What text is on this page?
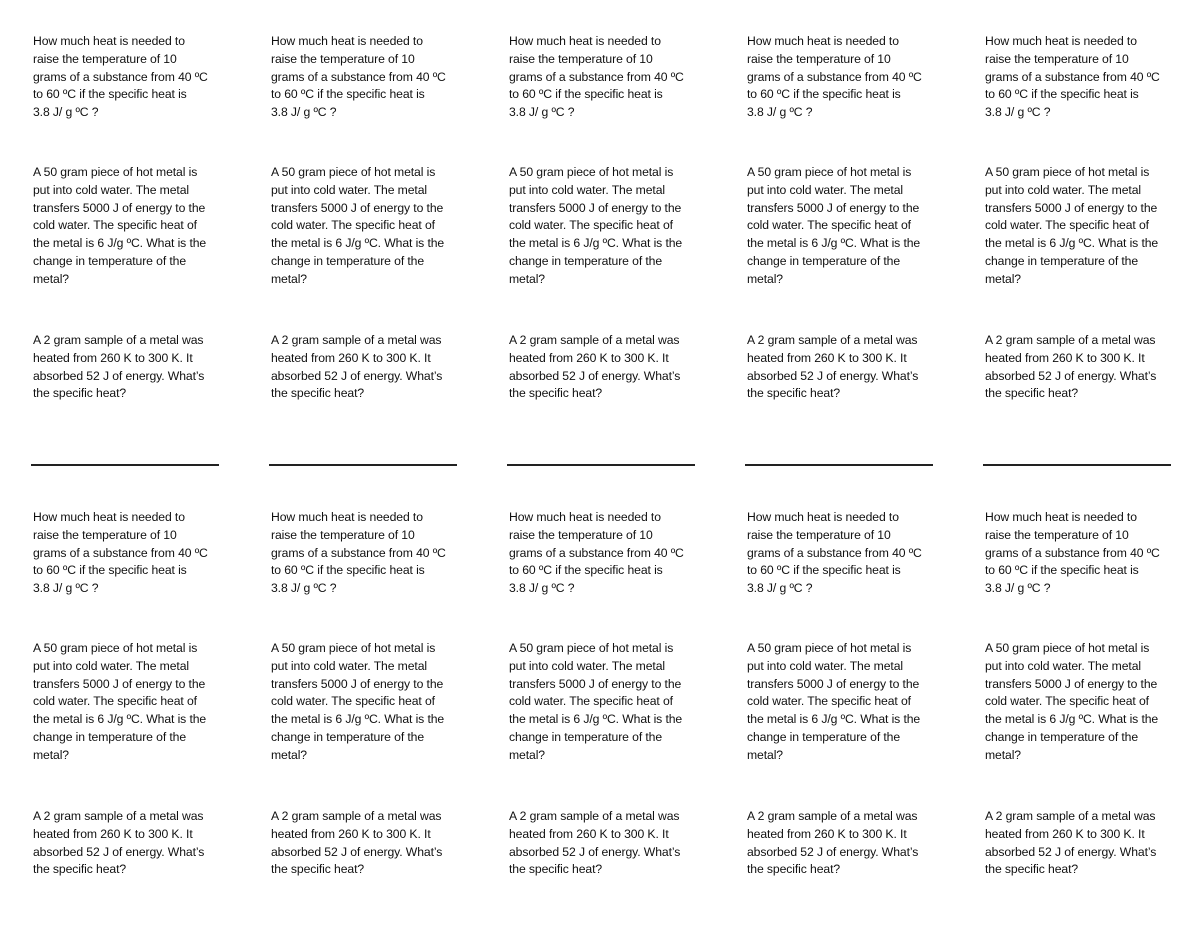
How much heat is needed to
raise the temperature of 10
grams of a substance from 40 ºC
to 60 ºC if the specific heat is
3.8 J/ g ºC ?

A 50 gram piece of hot metal is
put into cold water. The metal
transfers 5000 J of energy to the
cold water. The specific heat of
the metal is 6 J/g ºC. What is the
change in temperature of the
metal?

A 2 gram sample of a metal was
heated from 260 K to 300 K. It
absorbed 52 J of energy. What’s
the specific heat?

How much heat is needed to
raise the temperature of 10
grams of a substance from 40 ºC
to 60 ºC if the specific heat is
3.8 J/ g ºC ?

A 50 gram piece of hot metal is
put into cold water. The metal
transfers 5000 J of energy to the
cold water. The specific heat of
the metal is 6 J/g ºC. What is the
change in temperature of the
metal?

A 2 gram sample of a metal was
heated from 260 K to 300 K. It
absorbed 52 J of energy. What’s
the specific heat?

How much heat is needed to
raise the temperature of 10
grams of a substance from 40 ºC
to 60 ºC if the specific heat is
3.8 J/ g ºC ?

A 50 gram piece of hot metal is
put into cold water. The metal
transfers 5000 J of energy to the
cold water. The specific heat of
the metal is 6 J/g ºC. What is the
change in temperature of the
metal?

A 2 gram sample of a metal was
heated from 260 K to 300 K. It
absorbed 52 J of energy. What’s
the specific heat?

How much heat is needed to
raise the temperature of 10
grams of a substance from 40 ºC
to 60 ºC if the specific heat is
3.8 J/ g ºC ?

A 50 gram piece of hot metal is
put into cold water. The metal
transfers 5000 J of energy to the
cold water. The specific heat of
the metal is 6 J/g ºC. What is the
change in temperature of the
metal?

A 2 gram sample of a metal was
heated from 260 K to 300 K. It
absorbed 52 J of energy. What’s
the specific heat?

How much heat is needed to
raise the temperature of 10
grams of a substance from 40 ºC
to 60 ºC if the specific heat is
3.8 J/ g ºC ?

A 50 gram piece of hot metal is
put into cold water. The metal
transfers 5000 J of energy to the
cold water. The specific heat of
the metal is 6 J/g ºC. What is the
change in temperature of the
metal?

A 2 gram sample of a metal was
heated from 260 K to 300 K. It
absorbed 52 J of energy. What’s
the specific heat?

How much heat is needed to
raise the temperature of 10
grams of a substance from 40 ºC
to 60 ºC if the specific heat is
3.8 J/ g ºC ?

A 50 gram piece of hot metal is
put into cold water. The metal
transfers 5000 J of energy to the
cold water. The specific heat of
the metal is 6 J/g ºC. What is the
change in temperature of the
metal?

A 2 gram sample of a metal was
heated from 260 K to 300 K. It
absorbed 52 J of energy. What’s
the specific heat?

How much heat is needed to
raise the temperature of 10
grams of a substance from 40 ºC
to 60 ºC if the specific heat is
3.8 J/ g ºC ?

A 50 gram piece of hot metal is
put into cold water. The metal
transfers 5000 J of energy to the
cold water. The specific heat of
the metal is 6 J/g ºC. What is the
change in temperature of the
metal?

A 2 gram sample of a metal was
heated from 260 K to 300 K. It
absorbed 52 J of energy. What’s
the specific heat?

How much heat is needed to
raise the temperature of 10
grams of a substance from 40 ºC
to 60 ºC if the specific heat is
3.8 J/ g ºC ?

A 50 gram piece of hot metal is
put into cold water. The metal
transfers 5000 J of energy to the
cold water. The specific heat of
the metal is 6 J/g ºC. What is the
change in temperature of the
metal?

A 2 gram sample of a metal was
heated from 260 K to 300 K. It
absorbed 52 J of energy. What’s
the specific heat?

How much heat is needed to
raise the temperature of 10
grams of a substance from 40 ºC
to 60 ºC if the specific heat is
3.8 J/ g ºC ?

A 50 gram piece of hot metal is
put into cold water. The metal
transfers 5000 J of energy to the
cold water. The specific heat of
the metal is 6 J/g ºC. What is the
change in temperature of the
metal?

A 2 gram sample of a metal was
heated from 260 K to 300 K. It
absorbed 52 J of energy. What’s
the specific heat?

How much heat is needed to
raise the temperature of 10
grams of a substance from 40 ºC
to 60 ºC if the specific heat is
3.8 J/ g ºC ?

A 50 gram piece of hot metal is
put into cold water. The metal
transfers 5000 J of energy to the
cold water. The specific heat of
the metal is 6 J/g ºC. What is the
change in temperature of the
metal?

A 2 gram sample of a metal was
heated from 260 K to 300 K. It
absorbed 52 J of energy. What’s
the specific heat?
